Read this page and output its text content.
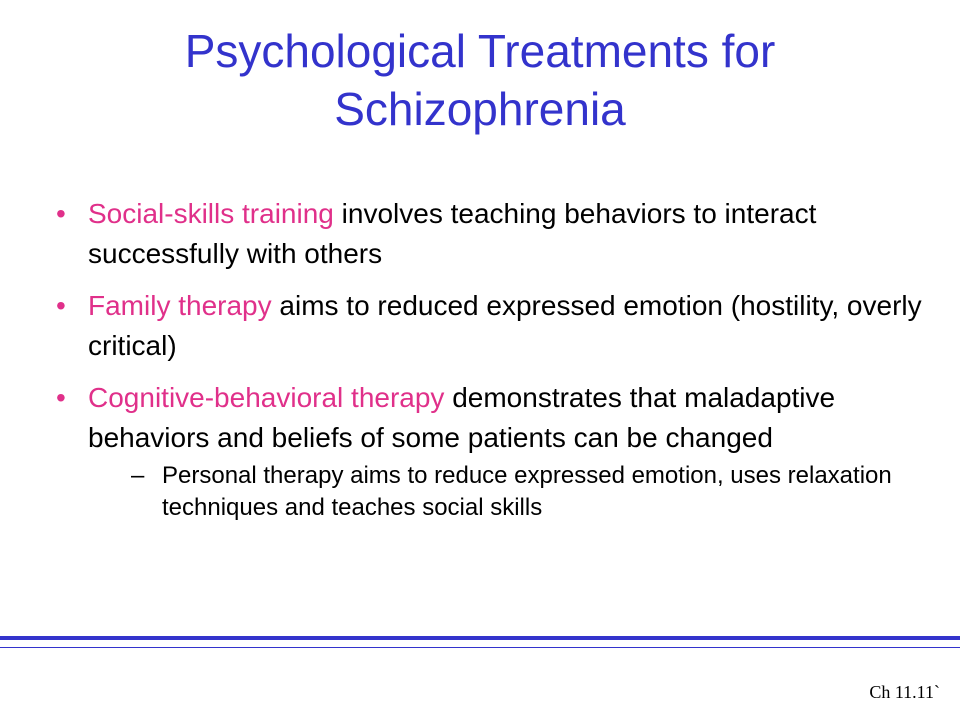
Psychological Treatments for Schizophrenia
• Social-skills training involves teaching behaviors to interact successfully with others
• Family therapy aims to reduced expressed emotion (hostility, overly critical)
• Cognitive-behavioral therapy demonstrates that maladaptive behaviors and beliefs of some patients can be changed
– Personal therapy aims to reduce expressed emotion, uses relaxation techniques and teaches social skills
Ch 11.11`
